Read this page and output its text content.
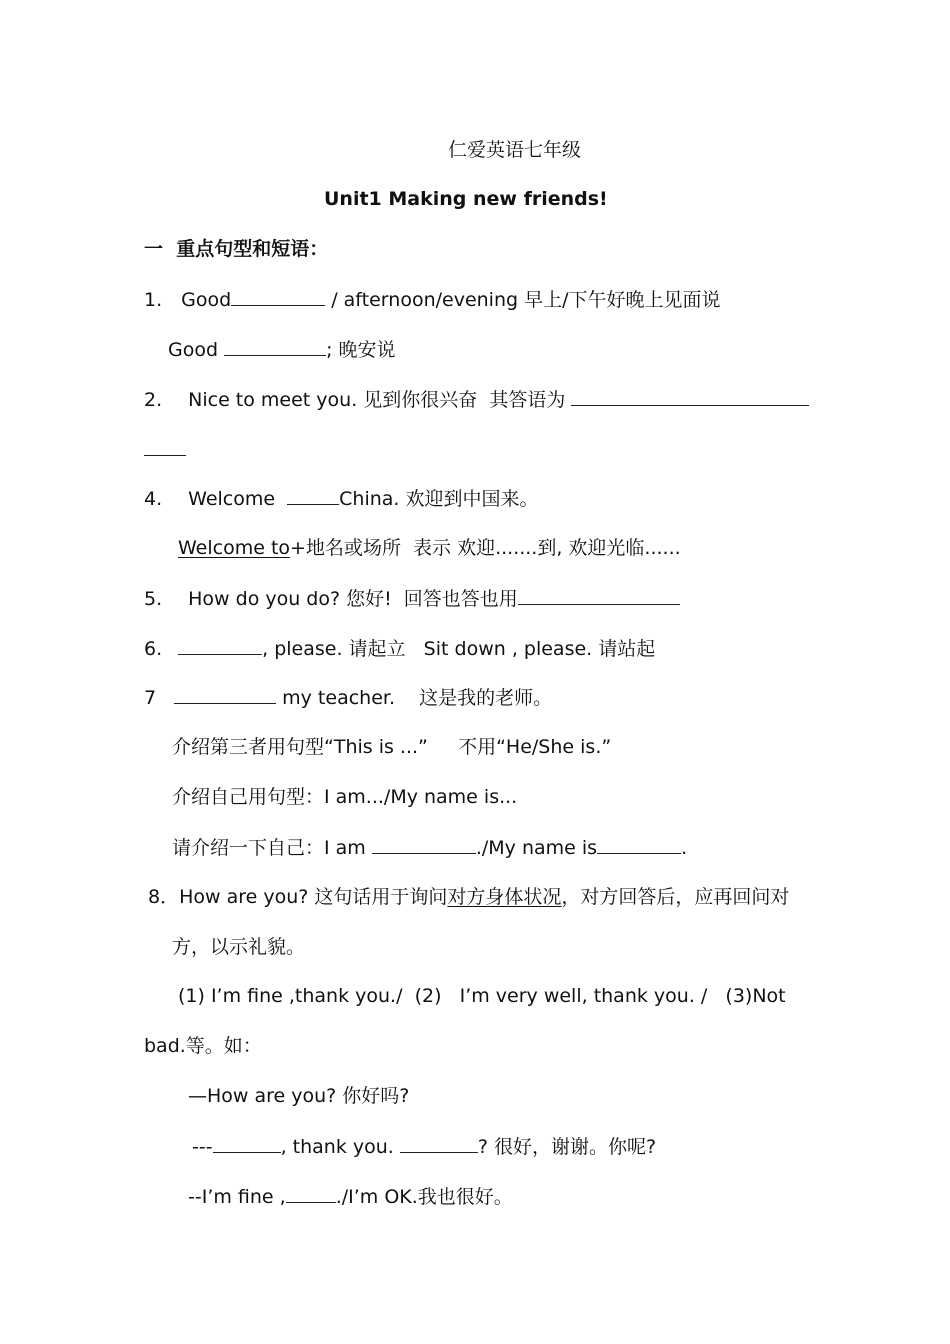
仁爱英语七年级
Unit1 Making new friends!
一  重点句型和短语：
1. Good	/ afternoon/evening 早上/下午好晚上见面说
Good	; 晚安说
2. Nice to meet you. 见到你很兴奋  其答语为
4. Welcome	China. 欢迎到中国来。
Welcome to+地名或场所  表示 欢迎.......到, 欢迎光临......
5. How do you do? 您好!  回答也答也用
6.	, please. 请起立   Sit down , please. 请站起
7	my teacher.    这是我的老师。
介绍第三者用句型“This is ...”     不用“He/She is.”
介绍自己用句型：I am.../My name is...
请介绍一下自己：I am	./My name is	.
8．How are you? 这句话用于询问对方身体状况，对方回答后，应再回问对
方，以示礼貌。
(1) I’m fine ,thank you./  (2)   I’m very well, thank you. /   (3)Not
bad.等。如：
—How are you? 你好吗?
---	, thank you.	? 很好，谢谢。你呢?
--I’m fine ,	./I’m OK.我也很好。
